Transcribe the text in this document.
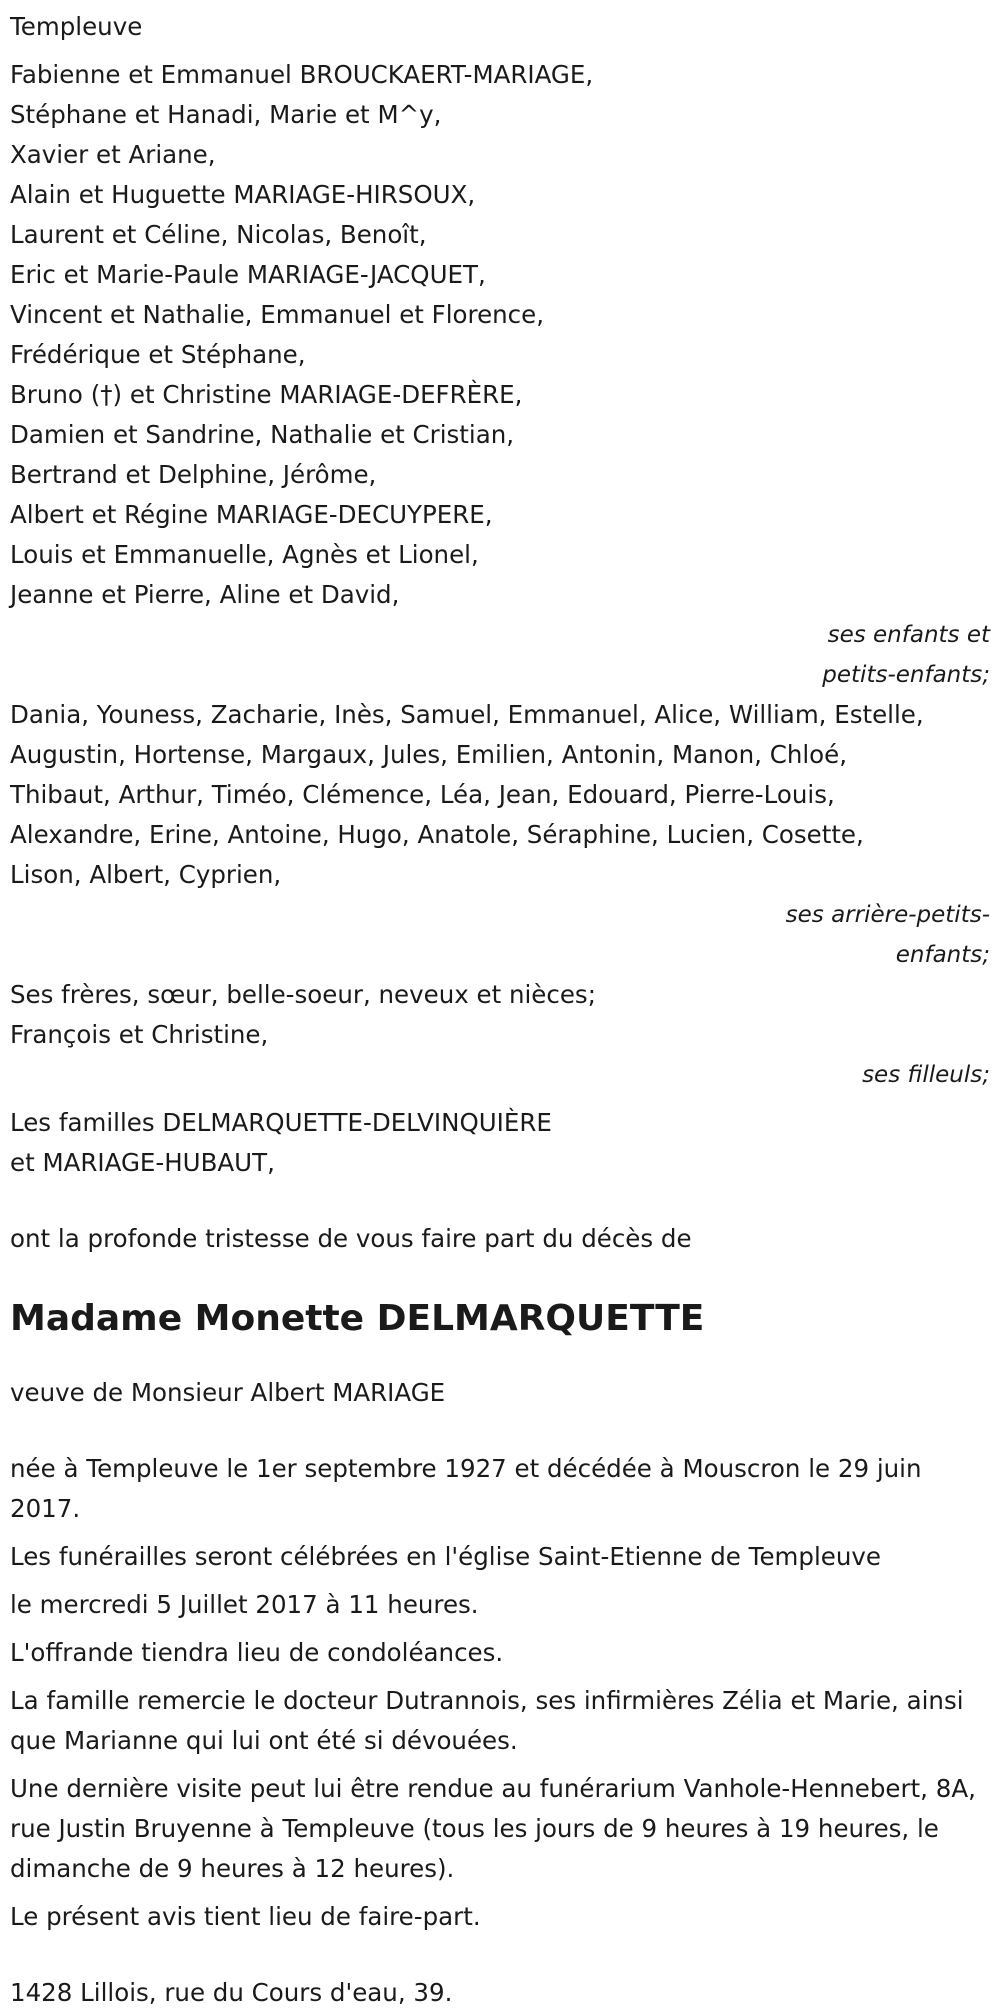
Templeuve
Fabienne et Emmanuel BROUCKAERT-MARIAGE,
Stéphane et Hanadi, Marie et M^y,
Xavier et Ariane,
Alain et Huguette MARIAGE-HIRSOUX,
Laurent et Céline, Nicolas, Benoît,
Eric et Marie-Paule MARIAGE-JACQUET,
Vincent et Nathalie, Emmanuel et Florence,
Frédérique et Stéphane,
Bruno (†) et Christine MARIAGE-DEFRÈRE,
Damien et Sandrine, Nathalie et Cristian,
Bertrand et Delphine, Jérôme,
Albert et Régine MARIAGE-DECUYPERE,
Louis et Emmanuelle, Agnès et Lionel,
Jeanne et Pierre, Aline et David,
ses enfants et
petits-enfants;
Dania, Youness, Zacharie, Inès, Samuel, Emmanuel, Alice, William, Estelle,
Augustin, Hortense, Margaux, Jules, Emilien, Antonin, Manon, Chloé,
Thibaut, Arthur, Timéo, Clémence, Léa, Jean, Edouard, Pierre-Louis,
Alexandre, Erine, Antoine, Hugo, Anatole, Séraphine, Lucien, Cosette,
Lison, Albert, Cyprien,
ses arrière-petits-
enfants;
Ses frères, sœur, belle-soeur, neveux et nièces;
François et Christine,
ses filleuls;
Les familles DELMARQUETTE-DELVINQUIÈRE
et MARIAGE-HUBAUT,
ont la profonde tristesse de vous faire part du décès de
Madame Monette DELMARQUETTE
veuve de Monsieur Albert MARIAGE
née à Templeuve le 1er septembre 1927 et décédée à Mouscron le 29 juin 2017.
Les funérailles seront célébrées en l'église Saint-Etienne de Templeuve
le mercredi 5 Juillet 2017 à 11 heures.
L'offrande tiendra lieu de condoléances.
La famille remercie le docteur Dutrannois, ses infirmières Zélia et Marie, ainsi que Marianne qui lui ont été si dévouées.
Une dernière visite peut lui être rendue au funérarium Vanhole-Hennebert, 8A, rue Justin Bruyenne à Templeuve (tous les jours de 9 heures à 19 heures, le dimanche de 9 heures à 12 heures).
Le présent avis tient lieu de faire-part.
1428 Lillois, rue du Cours d'eau, 39.
